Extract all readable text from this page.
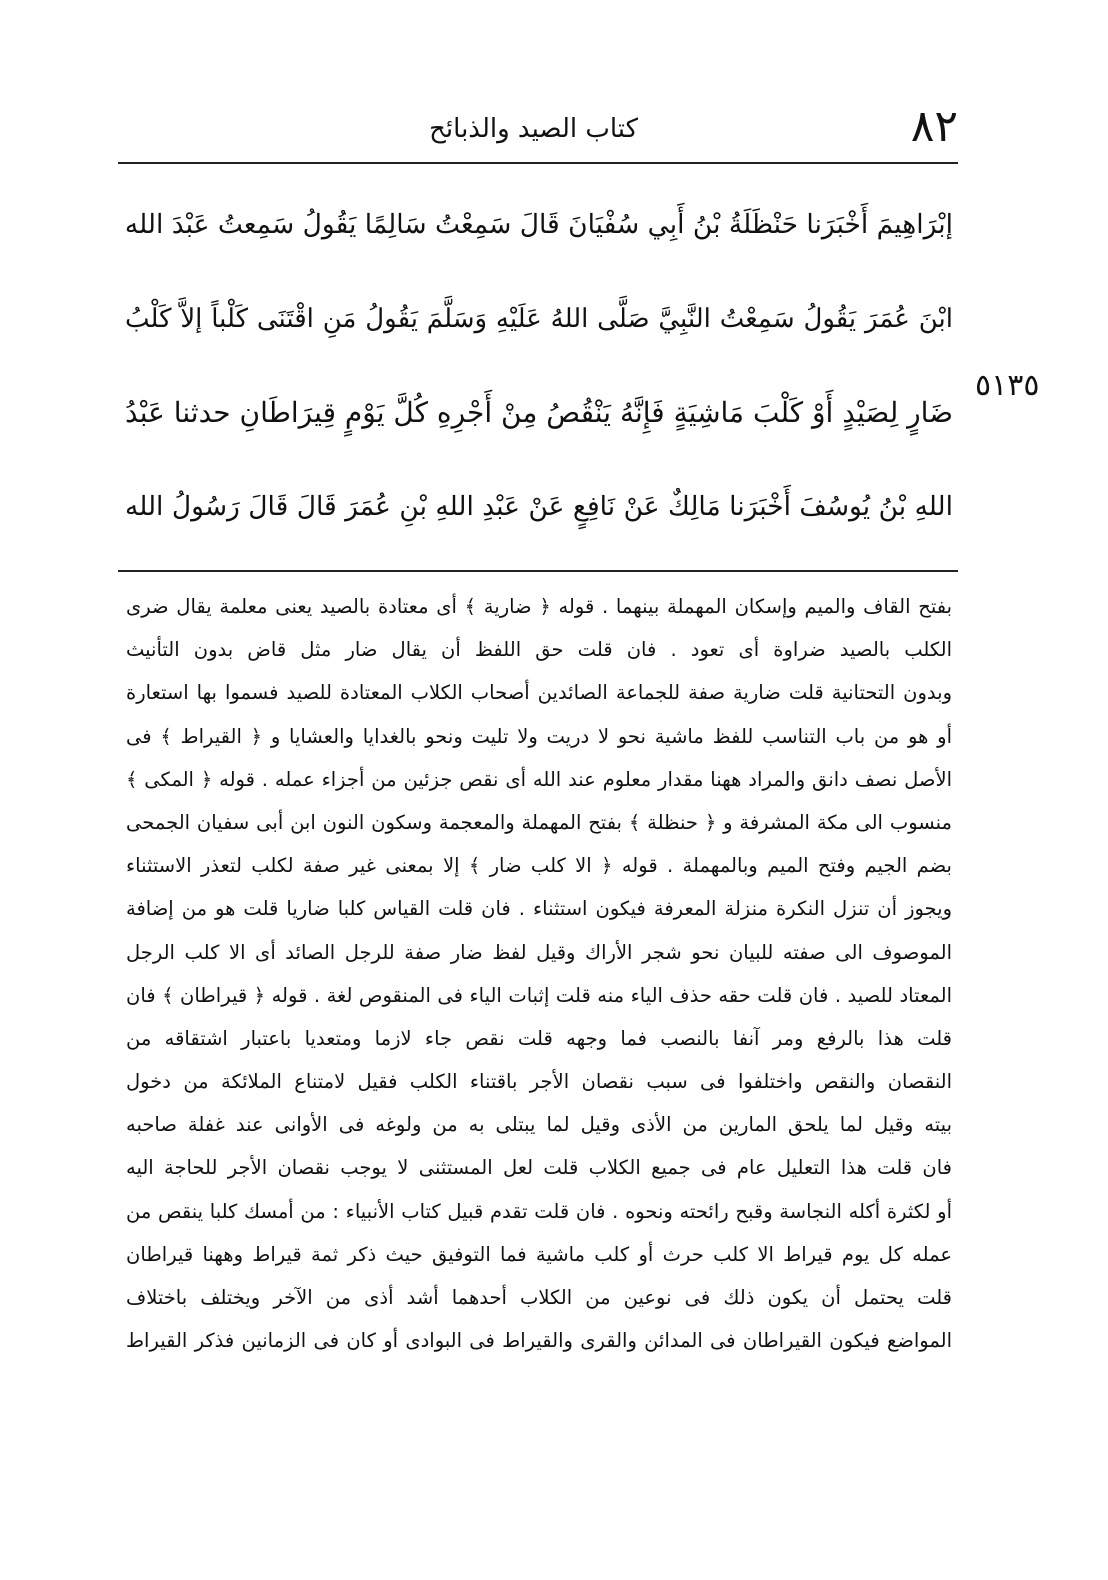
٨٢
كتاب الصيد والذبائح
إبْرَاهِيمَ أَخْبَرَنا حَنْظَلَةُ بْنُ أَبِي سُفْيَانَ قَالَ سَمِعْتُ سَالِمًا يَقُولُ سَمِعتُ عَبْدَ الله
ابْنَ عُمَرَ يَقُولُ سَمِعْتُ النَّبِيَّ صَلَّى اللهُ عَلَيْهِ وَسَلَّمَ يَقُولُ مَنِ اقْتَنَى كَلْباً إلاَّ كَلْبُ
ضَارٍ لِصَيْدٍ أَوْ كَلْبَ مَاشِيَةٍ فَإِنَّهُ يَنْقُصُ مِنْ أَجْرِهِ كُلَّ يَوْمٍ قِيرَاطَانِ حدثنا عَبْدُ
اللهِ بْنُ يُوسُفَ أَخْبَرَنا مَالِكٌ عَنْ نَافِعٍ عَنْ عَبْدِ اللهِ بْنِ عُمَرَ قَالَ قَالَ رَسُولُ الله
٥١٣٥
بفتح القاف والميم وإسكان المهملة بينهما . قوله ﴿ ضارية ﴾ أى معتادة بالصيد يعنى معلمة يقال ضرى
الكلب بالصيد ضراوة أى تعود . فان قلت حق اللفظ أن يقال ضار مثل قاض بدون التأنيث
وبدون التحتانية قلت ضارية صفة للجماعة الصائدين أصحاب الكلاب المعتادة للصيد فسموا بها استعارة
أو هو من باب التناسب للفظ ماشية نحو لا دريت ولا تليت ونحو بالغدايا والعشايا و ﴿ القيراط ﴾ فى
الأصل نصف دانق والمراد ههنا مقدار معلوم عند الله أى نقص جزئين من أجزاء عمله . قوله ﴿ المكى ﴾
منسوب الى مكة المشرفة و ﴿ حنظلة ﴾ بفتح المهملة والمعجمة وسكون النون ابن أبى سفيان الجمحى
بضم الجيم وفتح الميم وبالمهملة . قوله ﴿ الا كلب ضار ﴾ إلا بمعنى غير صفة لكلب لتعذر الاستثناء
ويجوز أن تنزل النكرة منزلة المعرفة فيكون استثناء . فان قلت القياس كلبا ضاريا قلت هو من إضافة
الموصوف الى صفته للبيان نحو شجر الأراك وقيل لفظ ضار صفة للرجل الصائد أى الا كلب الرجل
المعتاد للصيد . فان قلت حقه حذف الياء منه قلت إثبات الياء فى المنقوص لغة . قوله ﴿ قيراطان ﴾ فان
قلت هذا بالرفع ومر آنفا بالنصب فما وجهه قلت نقص جاء لازما ومتعديا باعتبار اشتقاقه من
النقصان والنقص واختلفوا فى سبب نقصان الأجر باقتناء الكلب فقيل لامتناع الملائكة من دخول
بيته وقيل لما يلحق المارين من الأذى وقيل لما يبتلى به من ولوغه فى الأوانى عند غفلة صاحبه
فان قلت هذا التعليل عام فى جميع الكلاب قلت لعل المستثنى لا يوجب نقصان الأجر للحاجة اليه
أو لكثرة أكله النجاسة وقبح رائحته ونحوه . فان قلت تقدم قبيل كتاب الأنبياء : من أمسك كلبا ينقص من
عمله كل يوم قيراط الا كلب حرث أو كلب ماشية فما التوفيق حيث ذكر ثمة قيراط وههنا قيراطان
قلت يحتمل أن يكون ذلك فى نوعين من الكلاب أحدهما أشد أذى من الآخر ويختلف باختلاف
المواضع فيكون القيراطان فى المدائن والقرى والقيراط فى البوادى أو كان فى الزمانين فذكر القيراط
